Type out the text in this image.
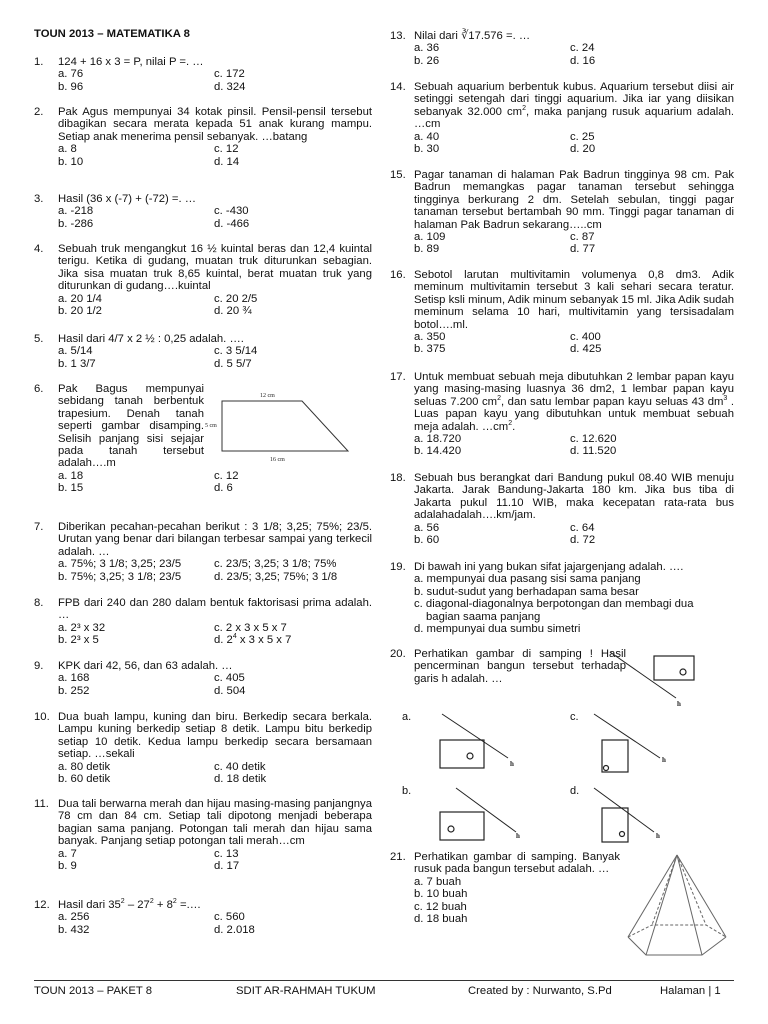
TOUN 2013 – MATEMATIKA 8
1. 124 + 16 x 3 = P, nilai P =. …
a. 76	c. 172
b. 96	d. 324
2. Pak Agus mempunyai 34 kotak pinsil. Pensil-pensil tersebut dibagikan secara merata kepada 51 anak kurang mampu. Setiap anak menerima pensil sebanyak. …batang
a. 8	c. 12
b. 10	d. 14
3. Hasil (36 x (-7) + (-72) =. …
a. -218	c. -430
b. -286	d. -466
4. Sebuah truk mengangkut 16 ½ kuintal beras dan 12,4 kuintal terigu. Ketika di gudang, muatan truk diturunkan sebagian. Jika sisa muatan truk 8,65 kuintal, berat muatan truk yang diturunkan di gudang….kuintal
a. 20 1/4	c. 20 2/5
b. 20 1/2	d. 20 ¾
5. Hasil dari 4/7 x 2 ½ : 0,25 adalah. ….
a. 5/14	c. 3 5/14
b. 1 3/7	d. 5 5/7
6. Pak Bagus mempunyai sebidang tanah berbentuk trapesium. Denah tanah seperti gambar disamping. Selisih panjang sisi sejajar pada tanah tersebut adalah….m
a. 18	c. 12
b. 15	d. 6
12 cm
5 cm
16 cm
7. Diberikan pecahan-pecahan berikut : 3 1/8; 3,25; 75%; 23/5. Urutan yang benar dari bilangan terbesar sampai yang terkecil adalah. …
a. 75%; 3 1/8; 3,25; 23/5	c. 23/5; 3,25; 3 1/8; 75%
b. 75%; 3,25; 3 1/8; 23/5	d. 23/5; 3,25; 75%; 3 1/8
8. FPB dari 240 dan 280 dalam bentuk faktorisasi prima adalah. …
a. 2³ x 32	c. 2 x 3 x 5 x 7
b. 2³ x 5	d. $2^4$ x 3 x 5 x 7
9. KPK dari 42, 56, dan 63 adalah. …
a. 168	c. 405
b. 252	d. 504
10. Dua buah lampu, kuning dan biru. Berkedip secara berkala. Lampu kuning berkedip setiap 8 detik. Lampu bitu berkedip setiap 10 detik. Kedua lampu berkedip secara bersamaan setiap. …sekali
a. 80 detik	c. 40 detik
b. 60 detik	d. 18 detik
11. Dua tali berwarna merah dan hijau masing-masing panjangnya 78 cm dan 84 cm. Setiap tali dipotong menjadi beberapa bagian sama panjang. Potongan tali merah dan hijau sama banyak. Panjang setiap potongan tali merah…cm
a. 7	c. 13
b. 9	d. 17
12. Hasil dari $35^2 - 27^2 + 8^2$ =.…
a. 256	c. 560
b. 432	d. 2.018
13. Nilai dari ∛17.576 =. …
a. 36	c. 24
b. 26	d. 16
14. Sebuah aquarium berbentuk kubus. Aquarium tersebut diisi air setinggi setengah dari tinggi aquarium. Jika iar yang diisikan sebanyak 32.000 $cm^2$, maka panjang rusuk aquarium adalah. …cm
a. 40	c. 25
b. 30	d. 20
15. Pagar tanaman di halaman Pak Badrun tingginya 98 cm. Pak Badrun memangkas pagar tanaman tersebut sehingga tingginya berkurang 2 dm. Setelah sebulan, tinggi pagar tanaman tersebut bertambah 90 mm. Tinggi pagar tanaman di halaman Pak Badrun sekarang…..cm
a. 109	c. 87
b. 89	d. 77
16. Sebotol larutan multivitamin volumenya 0,8 dm3. Adik meminum multivitamin tersebut 3 kali sehari secara teratur. Setisp ksli minum, Adik minum sebanyak 15 ml. Jika Adik sudah meminum selama 10 hari, multivitamin yang tersisadalam botol….ml.
a. 350	c. 400
b. 375	d. 425
17. Untuk membuat sebuah meja dibutuhkan 2 lembar papan kayu yang masing-masing luasnya 36 dm2, 1 lembar papan kayu seluas 7.200 $cm^2$, dan satu lembar papan kayu seluas 43 $dm^3$ . Luas papan kayu yang dibutuhkan untuk membuat sebuah meja adalah. $\dots cm^2$.
a. 18.720	c. 12.620
b. 14.420	d. 11.520
18. Sebuah bus berangkat dari Bandung pukul 08.40 WIB menuju Jakarta. Jarak Bandung-Jakarta 180 km. Jika bus tiba di Jakarta pukul 11.10 WIB, maka kecepatan rata-rata bus adalahadalah….km/jam.
a. 56	c. 64
b. 60	d. 72
19. Di bawah ini yang bukan sifat jajargenjang adalah. ….
a. mempunyai dua pasang sisi sama panjang
b. sudut-sudut yang berhadapan sama besar
c. diagonal-diagonalnya berpotongan dan membagi dua
bagian saama panjang
d. mempunyai dua sumbu simetri
20. Perhatikan gambar di samping ! Hasil pencerminan bangun tersebut terhadap garis h adalah. …
h
a.
h
c.
h
b.
h
d.
h
21. Perhatikan gambar di samping. Banyak rusuk pada bangun tersebut adalah. …
a. 7 buah
b. 10 buah
c. 12 buah
d. 18 buah
TOUN 2013 – PAKET 8	SDIT AR-RAHMAH TUKUM	Created by : Nurwanto, S.Pd	Halaman | 1
